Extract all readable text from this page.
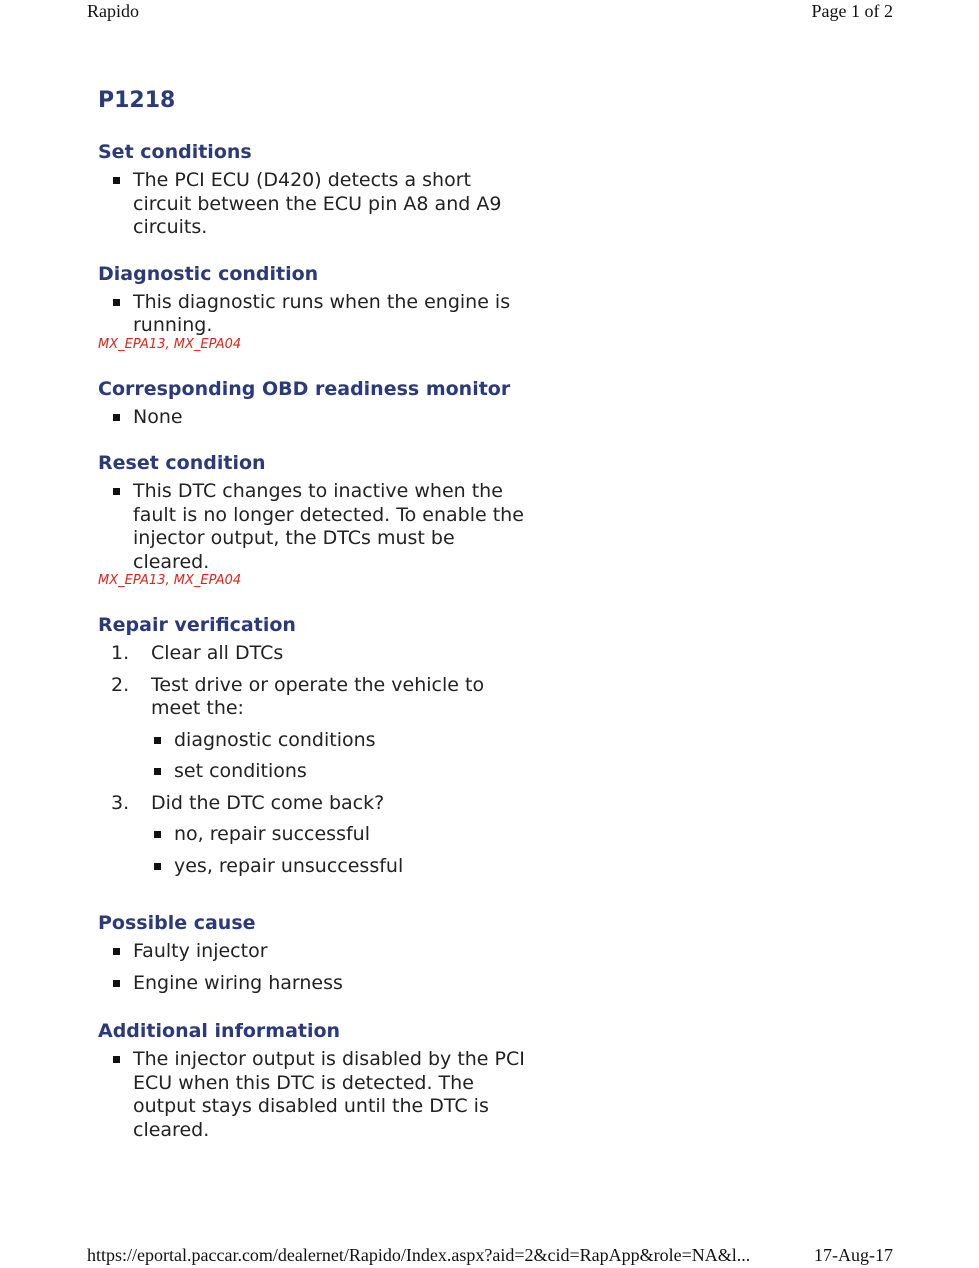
Rapido	Page 1 of 2
P1218
Set conditions
The PCI ECU (D420) detects a short circuit between the ECU pin A8 and A9 circuits.
Diagnostic condition
This diagnostic runs when the engine is running.
MX_EPA13, MX_EPA04
Corresponding OBD readiness monitor
None
Reset condition
This DTC changes to inactive when the fault is no longer detected. To enable the injector output, the DTCs must be cleared.
MX_EPA13, MX_EPA04
Repair verification
1. Clear all DTCs
2. Test drive or operate the vehicle to meet the:
diagnostic conditions
set conditions
3. Did the DTC come back?
no, repair successful
yes, repair unsuccessful
Possible cause
Faulty injector
Engine wiring harness
Additional information
The injector output is disabled by the PCI ECU when this DTC is detected. The output stays disabled until the DTC is cleared.
https://eportal.paccar.com/dealernet/Rapido/Index.aspx?aid=2&cid=RapApp&role=NA&l...	17-Aug-17
